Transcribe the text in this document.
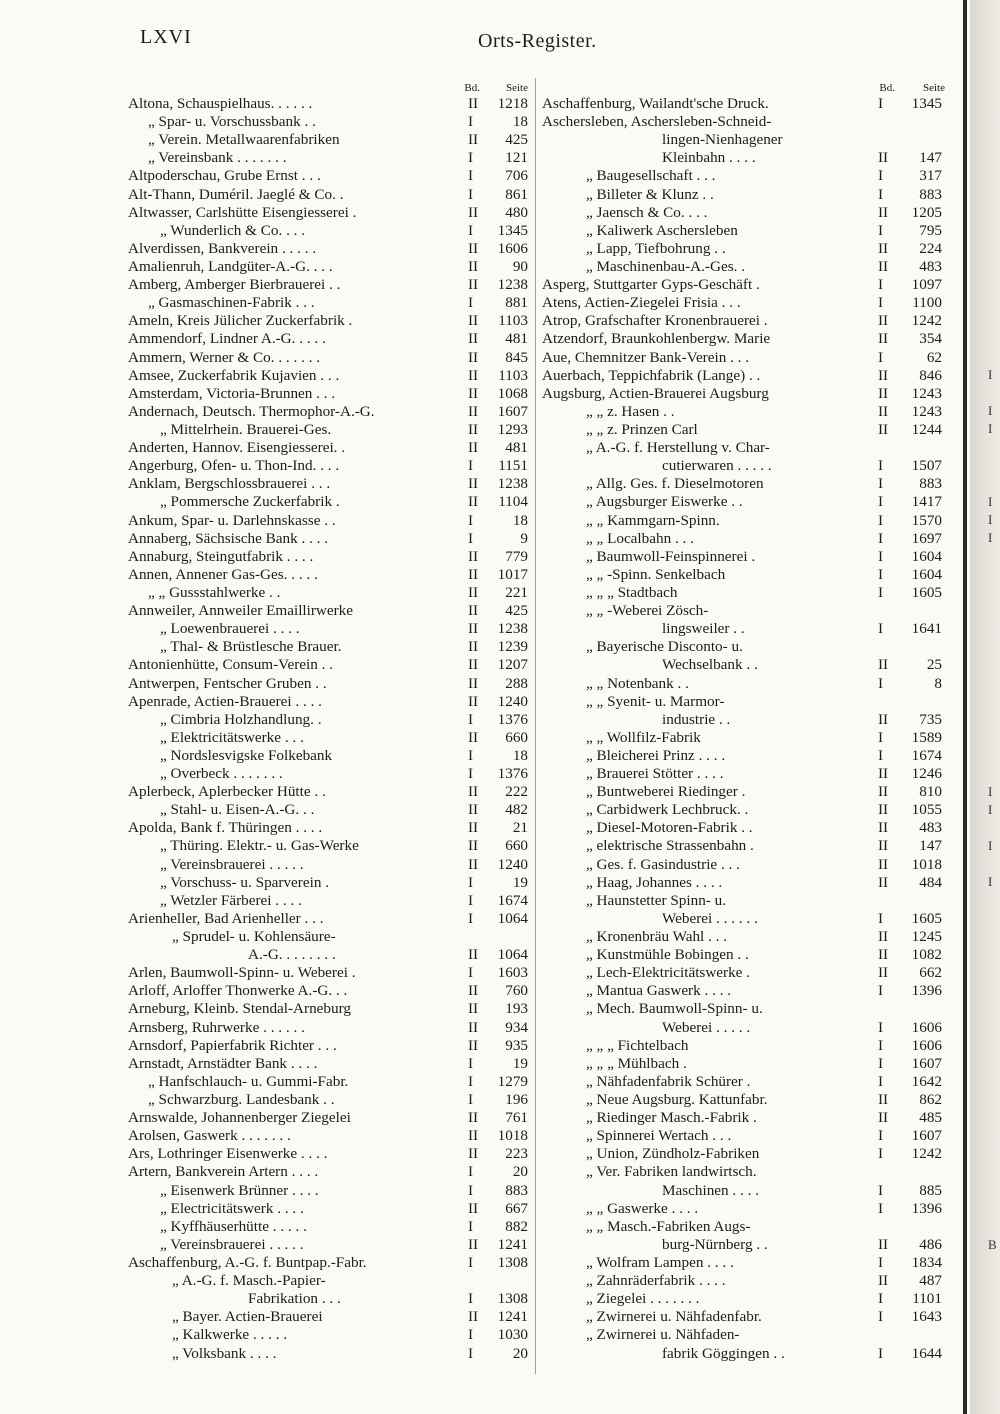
LXVI	Orts-Register.
I
I
I
I
I
I
I
I
I
I
B
Bd. Seite
Altona, Schauspielhaus. . . . . .	II	1218
„ Spar- u. Vorschussbank . .	I	18
„ Verein. Metallwaarenfabriken	II	425
„ Vereinsbank . . . . . . .	I	121
Altpoderschau, Grube Ernst . . .	I	706
Alt-Thann, Duméril. Jaeglé & Co. .	I	861
Altwasser, Carlshütte Eisengiesserei .	II	480
„ Wunderlich & Co. . . .	I	1345
Alverdissen, Bankverein . . . . .	II	1606
Amalienruh, Landgüter-A.-G. . . .	II	90
Amberg, Amberger Bierbrauerei . .	II	1238
„ Gasmaschinen-Fabrik . . .	I	881
Ameln, Kreis Jülicher Zuckerfabrik .	II	1103
Ammendorf, Lindner A.-G. . . . .	II	481
Ammern, Werner & Co. . . . . . .	II	845
Amsee, Zuckerfabrik Kujavien . . .	II	1103
Amsterdam, Victoria-Brunnen . . .	II	1068
Andernach, Deutsch. Thermophor-A.-G.	II	1607
„ Mittelrhein. Brauerei-Ges.	II	1293
Anderten, Hannov. Eisengiesserei. .	II	481
Angerburg, Ofen- u. Thon-Ind. . . .	I	1151
Anklam, Bergschlossbrauerei . . .	II	1238
„ Pommersche Zuckerfabrik .	II	1104
Ankum, Spar- u. Darlehnskasse . .	I	18
Annaberg, Sächsische Bank . . . .	I	9
Annaburg, Steingutfabrik . . . .	II	779
Annen, Annener Gas-Ges. . . . .	II	1017
„ „ Gussstahlwerke . .	II	221
Annweiler, Annweiler Emaillirwerke	II	425
„ Loewenbrauerei . . . .	II	1238
„ Thal- & Brüstlesche Brauer.	II	1239
Antonienhütte, Consum-Verein . .	II	1207
Antwerpen, Fentscher Gruben . .	II	288
Apenrade, Actien-Brauerei . . . .	II	1240
„ Cimbria Holzhandlung. .	I	1376
„ Elektricitätswerke . . .	II	660
„ Nordslesvigske Folkebank	I	18
„ Overbeck . . . . . . .	I	1376
Aplerbeck, Aplerbecker Hütte . .	II	222
„ Stahl- u. Eisen-A.-G. . .	II	482
Apolda, Bank f. Thüringen . . . .	II	21
„ Thüring. Elektr.- u. Gas-Werke	II	660
„ Vereinsbrauerei . . . . .	II	1240
„ Vorschuss- u. Sparverein .	I	19
„ Wetzler Färberei . . . .	I	1674
Arienheller, Bad Arienheller . . .	I	1064
„ Sprudel- u. Kohlensäure-
A.-G. . . . . . . .	II	1064
Arlen, Baumwoll-Spinn- u. Weberei .	I	1603
Arloff, Arloffer Thonwerke A.-G. . .	II	760
Arneburg, Kleinb. Stendal-Arneburg	II	193
Arnsberg, Ruhrwerke . . . . . .	II	934
Arnsdorf, Papierfabrik Richter . . .	II	935
Arnstadt, Arnstädter Bank . . . .	I	19
„ Hanfschlauch- u. Gummi-Fabr.	I	1279
„ Schwarzburg. Landesbank . .	I	196
Arnswalde, Johannenberger Ziegelei	II	761
Arolsen, Gaswerk . . . . . . .	II	1018
Ars, Lothringer Eisenwerke . . . .	II	223
Artern, Bankverein Artern . . . .	I	20
„ Eisenwerk Brünner . . . .	I	883
„ Electricitätswerk . . . .	II	667
„ Kyffhäuserhütte . . . . .	I	882
„ Vereinsbrauerei . . . . .	II	1241
Aschaffenburg, A.-G. f. Buntpap.-Fabr.	I	1308
„ A.-G. f. Masch.-Papier-
Fabrikation . . .	I	1308
„ Bayer. Actien-Brauerei	II	1241
„ Kalkwerke . . . . .	I	1030
„ Volksbank . . . .	I	20
Bd.	Seite
Aschaffenburg, Wailandt'sche Druck.	I	1345
Aschersleben, Aschersleben-Schneid-
lingen-Nienhagener
Kleinbahn . . . .	II	147
„ Baugesellschaft . . .	I	317
„ Billeter & Klunz . .	I	883
„ Jaensch & Co. . . .	II	1205
„ Kaliwerk Aschersleben	I	795
„ Lapp, Tiefbohrung . .	II	224
„ Maschinenbau-A.-Ges. .	II	483
Asperg, Stuttgarter Gyps-Geschäft .	I	1097
Atens, Actien-Ziegelei Frisia . . .	I	1100
Atrop, Grafschafter Kronenbrauerei .	II	1242
Atzendorf, Braunkohlenbergw. Marie	II	354
Aue, Chemnitzer Bank-Verein . . .	I	62
Auerbach, Teppichfabrik (Lange) . .	II	846
Augsburg, Actien-Brauerei Augsburg	II	1243
„ „ z. Hasen . .	II	1243
„ „ z. Prinzen Carl	II	1244
„ A.-G. f. Herstellung v. Char-
cutierwaren . . . . .	I	1507
„ Allg. Ges. f. Dieselmotoren	I	883
„ Augsburger Eiswerke . .	I	1417
„ „ Kammgarn-Spinn.	I	1570
„ „ Localbahn . . .	I	1697
„ Baumwoll-Feinspinnerei .	I	1604
„ „ -Spinn. Senkelbach	I	1604
„ „ „ Stadtbach	I	1605
„ „ -Weberei Zösch-
lingsweiler . .	I	1641
„ Bayerische Disconto- u.
Wechselbank . .	II	25
„ „ Notenbank . .	I	8
„ „ Syenit- u. Marmor-
industrie . .	II	735
„ „ Wollfilz-Fabrik	I	1589
„ Bleicherei Prinz . . . .	I	1674
„ Brauerei Stötter . . . .	II	1246
„ Buntweberei Riedinger .	II	810
„ Carbidwerk Lechbruck. .	II	1055
„ Diesel-Motoren-Fabrik . .	II	483
„ elektrische Strassenbahn .	II	147
„ Ges. f. Gasindustrie . . .	II	1018
„ Haag, Johannes . . . .	II	484
„ Haunstetter Spinn- u.
Weberei . . . . . .	I	1605
„ Kronenbräu Wahl . . .	II	1245
„ Kunstmühle Bobingen . .	II	1082
„ Lech-Elektricitätswerke .	II	662
„ Mantua Gaswerk . . . .	I	1396
„ Mech. Baumwoll-Spinn- u.
Weberei . . . . .	I	1606
„ „ „ Fichtelbach	I	1606
„ „ „ Mühlbach .	I	1607
„ Nähfadenfabrik Schürer .	I	1642
„ Neue Augsburg. Kattunfabr.	II	862
„ Riedinger Masch.-Fabrik .	II	485
„ Spinnerei Wertach . . .	I	1607
„ Union, Zündholz-Fabriken	I	1242
„ Ver. Fabriken landwirtsch.
Maschinen . . . .	I	885
„ „ Gaswerke . . . .	I	1396
„ „ Masch.-Fabriken Augs-
burg-Nürnberg . .	II	486
„ Wolfram Lampen . . . .	I	1834
„ Zahnräderfabrik . . . .	II	487
„ Ziegelei . . . . . . .	I	1101
„ Zwirnerei u. Nähfadenfabr.	I	1643
„ Zwirnerei u. Nähfaden-
fabrik Göggingen . .	I	1644
